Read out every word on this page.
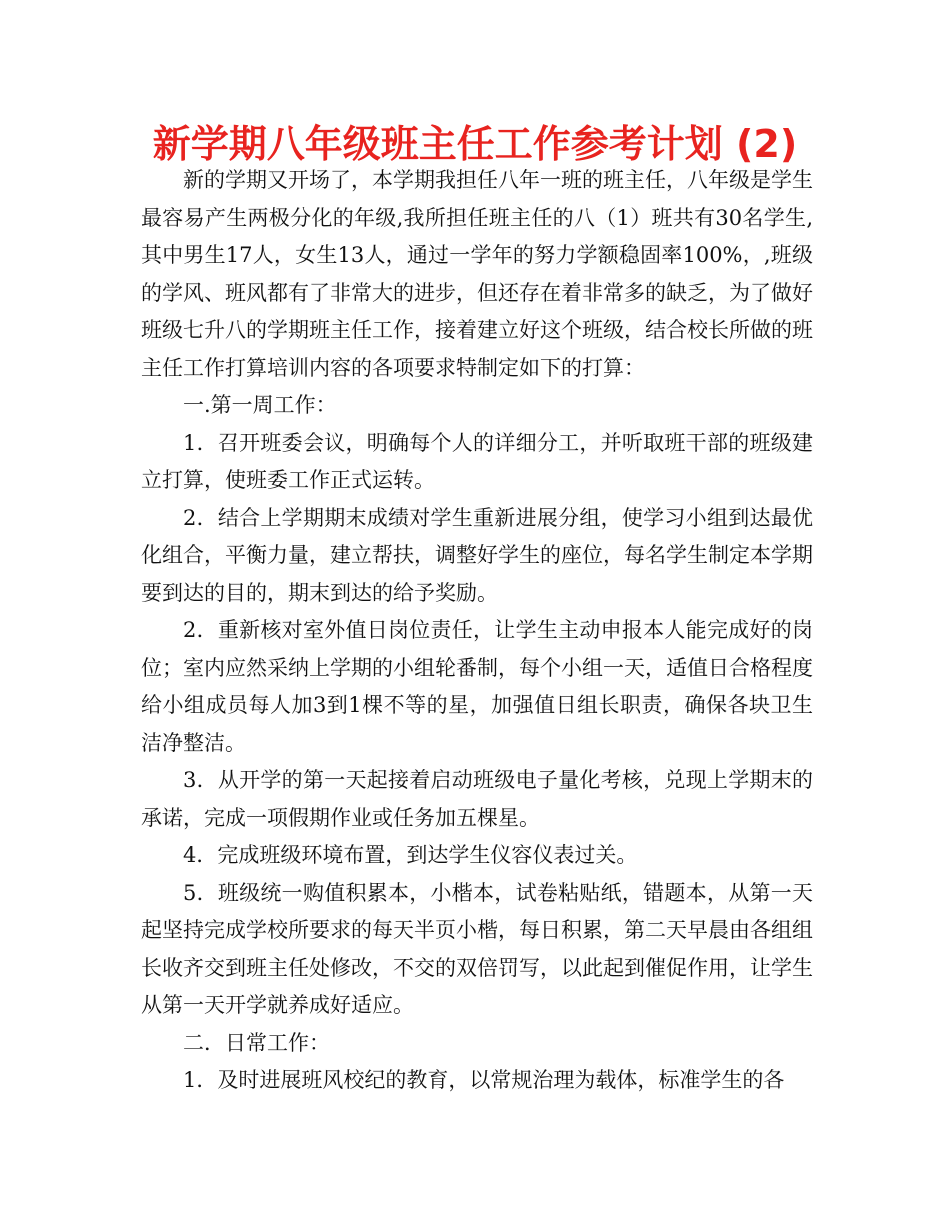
新学期八年级班主任工作参考计划 (2)

新的学期又开场了，本学期我担任八年一班的班主任，八年级是学生最容易产生两极分化的年级,我所担任班主任的八（1）班共有30名学生,其中男生17人，女生13人，通过一学年的努力学额稳固率100%，,班级的学风、班风都有了非常大的进步，但还存在着非常多的缺乏，为了做好班级七升八的学期班主任工作，接着建立好这个班级，结合校长所做的班主任工作打算培训内容的各项要求特制定如下的打算：

一.第一周工作：

1．召开班委会议，明确每个人的详细分工，并听取班干部的班级建立打算，使班委工作正式运转。

2．结合上学期期末成绩对学生重新进展分组，使学习小组到达最优化组合，平衡力量，建立帮扶，调整好学生的座位，每名学生制定本学期要到达的目的，期末到达的给予奖励。

2．重新核对室外值日岗位责任，让学生主动申报本人能完成好的岗位；室内应然采纳上学期的小组轮番制，每个小组一天，适值日合格程度给小组成员每人加3到1棵不等的星，加强值日组长职责，确保各块卫生洁净整洁。

3．从开学的第一天起接着启动班级电子量化考核，兑现上学期末的承诺，完成一项假期作业或任务加五棵星。

4．完成班级环境布置，到达学生仪容仪表过关。

5．班级统一购值积累本，小楷本，试卷粘贴纸，错题本，从第一天起坚持完成学校所要求的每天半页小楷，每日积累，第二天早晨由各组组长收齐交到班主任处修改，不交的双倍罚写，以此起到催促作用，让学生从第一天开学就养成好适应。

二．日常工作：

1．及时进展班风校纪的教育，以常规治理为载体，标准学生的各
